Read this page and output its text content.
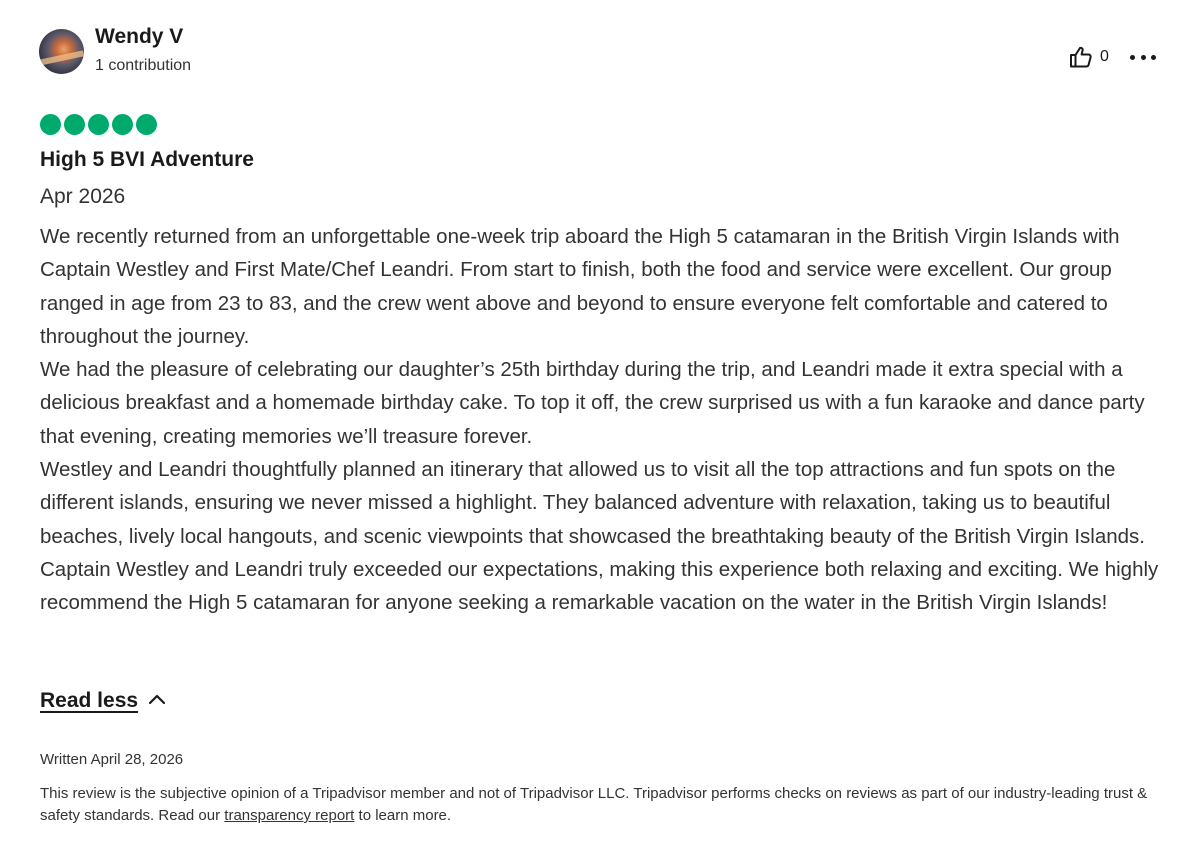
Wendy V
1 contribution
0
High 5 BVI Adventure
Apr 2026

We recently returned from an unforgettable one-week trip aboard the High 5 catamaran in the British Virgin Islands with Captain Westley and First Mate/Chef Leandri. From start to finish, both the food and service were excellent. Our group ranged in age from 23 to 83, and the crew went above and beyond to ensure everyone felt comfortable and catered to throughout the journey.

We had the pleasure of celebrating our daughter’s 25th birthday during the trip, and Leandri made it extra special with a delicious breakfast and a homemade birthday cake. To top it off, the crew surprised us with a fun karaoke and dance party that evening, creating memories we’ll treasure forever.

Westley and Leandri thoughtfully planned an itinerary that allowed us to visit all the top attractions and fun spots on the different islands, ensuring we never missed a highlight. They balanced adventure with relaxation, taking us to beautiful beaches, lively local hangouts, and scenic viewpoints that showcased the breathtaking beauty of the British Virgin Islands.

Captain Westley and Leandri truly exceeded our expectations, making this experience both relaxing and exciting. We highly recommend the High 5 catamaran for anyone seeking a remarkable vacation on the water in the British Virgin Islands!

Read less
Written April 28, 2026
This review is the subjective opinion of a Tripadvisor member and not of Tripadvisor LLC. Tripadvisor performs checks on reviews as part of our industry-leading trust & safety standards. Read our transparency report to learn more.
